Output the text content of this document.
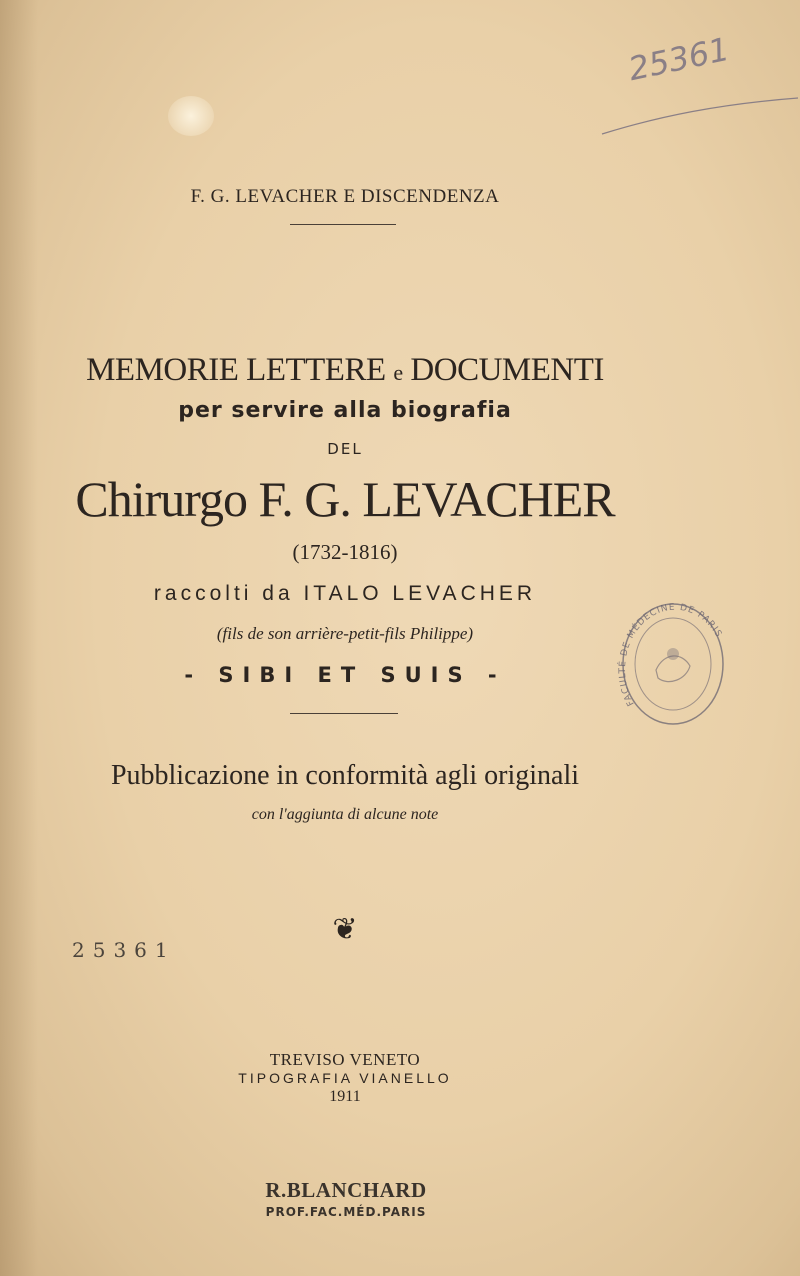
25361
F. G. LEVACHER E DISCENDENZA
MEMORIE LETTERE e DOCUMENTI
per servire alla biografia
DEL
Chirurgo F. G. LEVACHER
(1732-1816)
raccolti da ITALO LEVACHER
(fils de son arrière-petit-fils Philippe)
- SIBI ET SUIS -
Pubblicazione in conformità agli originali
con l'aggiunta di alcune note
❦
25361
TREVISO VENETO
TIPOGRAFIA VIANELLO
1911
R.BLANCHARD
PROF.FAC.MÉD.PARIS
FACULTÉ DE MÉDECINE DE PARIS
